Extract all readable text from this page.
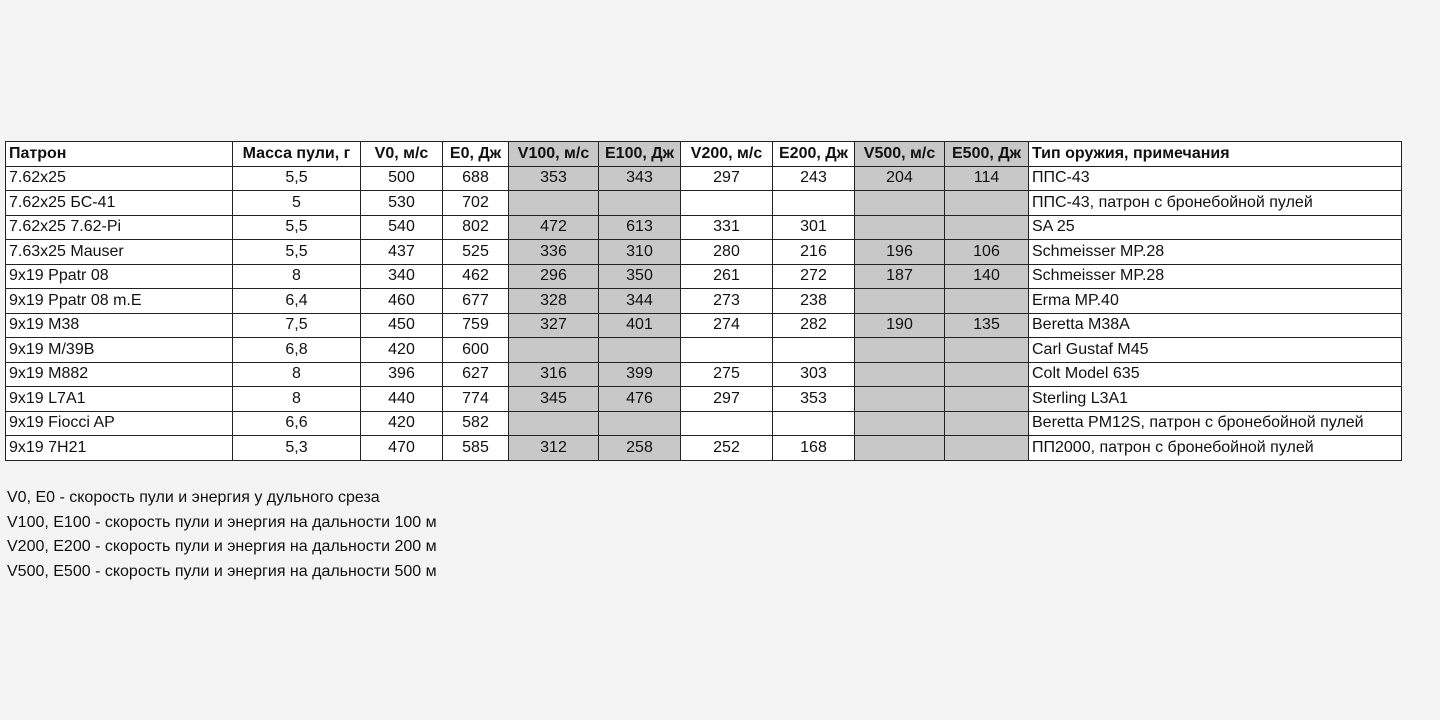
Патрон	Масса пули, г	V0, м/с	E0, Дж	V100, м/с	E100, Дж	V200, м/с	E200, Дж	V500, м/с	E500, Дж	Тип оружия, примечания
7.62x25	5,5	500	688	353	343	297	243	204	114	ППС-43
7.62x25 БС-41	5	530	702							ППС-43, патрон с бронебойной пулей
7.62x25 7.62-Pi	5,5	540	802	472	613	331	301			SA 25
7.63x25 Mauser	5,5	437	525	336	310	280	216	196	106	Schmeisser MP.28
9x19 Ppatr 08	8	340	462	296	350	261	272	187	140	Schmeisser MP.28
9x19 Ppatr 08 m.E	6,4	460	677	328	344	273	238			Erma MP.40
9x19 M38	7,5	450	759	327	401	274	282	190	135	Beretta M38A
9x19 M/39B	6,8	420	600							Carl Gustaf M45
9x19 M882	8	396	627	316	399	275	303			Colt Model 635
9x19 L7A1	8	440	774	345	476	297	353			Sterling L3A1
9x19 Fiocci AP	6,6	420	582							Beretta PM12S, патрон с бронебойной пулей
9x19 7H21	5,3	470	585	312	258	252	168			ПП2000, патрон с бронебойной пулей
V0, E0 - скорость пули и энергия у дульного среза
V100, E100 - скорость пули и энергия на дальности 100 м
V200, E200 - скорость пули и энергия на дальности 200 м
V500, E500 - скорость пули и энергия на дальности 500 м
